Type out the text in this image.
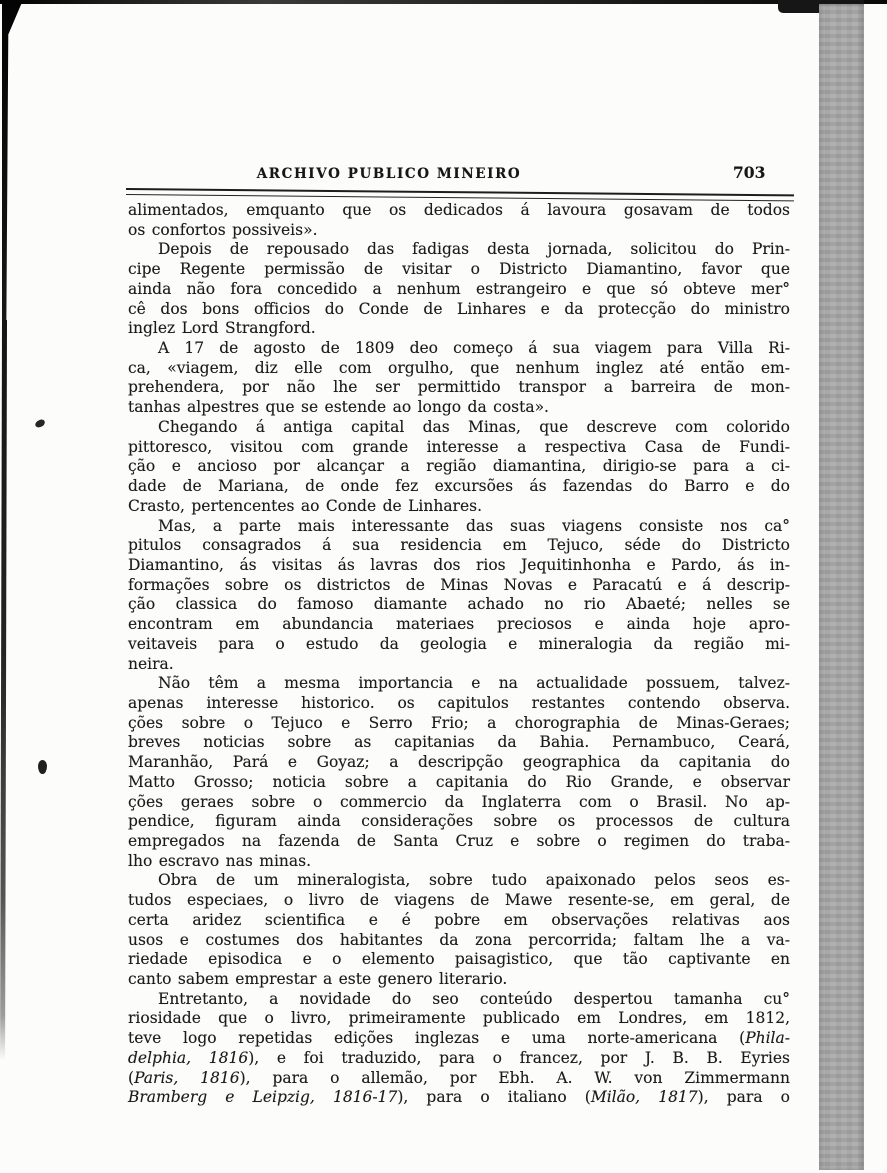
ARCHIVO PUBLICO MINEIRO	703
alimentados, emquanto que os dedicados á lavoura gosavam de todos
os confortos possiveis».
Depois de repousado das fadigas desta jornada, solicitou do Prin-
cipe Regente permissão de visitar o Districto Diamantino, favor que
ainda não fora concedido a nenhum estrangeiro e que só obteve mer°
cê dos bons officios do Conde de Linhares e da protecção do ministro
inglez Lord Strangford.
A 17 de agosto de 1809 deo começo á sua viagem para Villa Ri-
ca, «viagem, diz elle com orgulho, que nenhum inglez até então em-
prehendera, por não lhe ser permittido transpor a barreira de mon-
tanhas alpestres que se estende ao longo da costa».
Chegando á antiga capital das Minas, que descreve com colorido
pittoresco, visitou com grande interesse a respectiva Casa de Fundi-
ção e ancioso por alcançar a região diamantina, dirigio-se para a ci-
dade de Mariana, de onde fez excursões ás fazendas do Barro e do
Crasto, pertencentes ao Conde de Linhares.
Mas, a parte mais interessante das suas viagens consiste nos ca°
pitulos consagrados á sua residencia em Tejuco, séde do Districto
Diamantino, ás visitas ás lavras dos rios Jequitinhonha e Pardo, ás in-
formações sobre os districtos de Minas Novas e Paracatú e á descrip-
ção classica do famoso diamante achado no rio Abaeté; nelles se
encontram em abundancia materiaes preciosos e ainda hoje apro-
veitaveis para o estudo da geologia e mineralogia da região mi-
neira.
Não têm a mesma importancia e na actualidade possuem, talvez-
apenas interesse historico. os capitulos restantes contendo observa.
ções sobre o Tejuco e Serro Frio; a chorographia de Minas-Geraes;
breves noticias sobre as capitanias da Bahia. Pernambuco, Ceará,
Maranhão, Pará e Goyaz; a descripção geographica da capitania do
Matto Grosso; noticia sobre a capitania do Rio Grande, e observar
ções geraes sobre o commercio da Inglaterra com o Brasil. No ap-
pendice, figuram ainda considerações sobre os processos de cultura
empregados na fazenda de Santa Cruz e sobre o regimen do traba-
lho escravo nas minas.
Obra de um mineralogista, sobre tudo apaixonado pelos seos es-
tudos especiaes, o livro de viagens de Mawe resente-se, em geral, de
certa aridez scientifica e é pobre em observações relativas aos
usos e costumes dos habitantes da zona percorrida; faltam lhe a va-
riedade episodica e o elemento paisagistico, que tão captivante en
canto sabem emprestar a este genero literario.
Entretanto, a novidade do seo conteúdo despertou tamanha cu°
riosidade que o livro, primeiramente publicado em Londres, em 1812,
teve logo repetidas edições inglezas e uma norte-americana (Phila-
delphia, 1816), e foi traduzido, para o francez, por J. B. B. Eyries
(Paris, 1816), para o allemão, por Ebh. A. W. von Zimmermann
Bramberg e Leipzig, 1816-17), para o italiano (Milão, 1817), para o
